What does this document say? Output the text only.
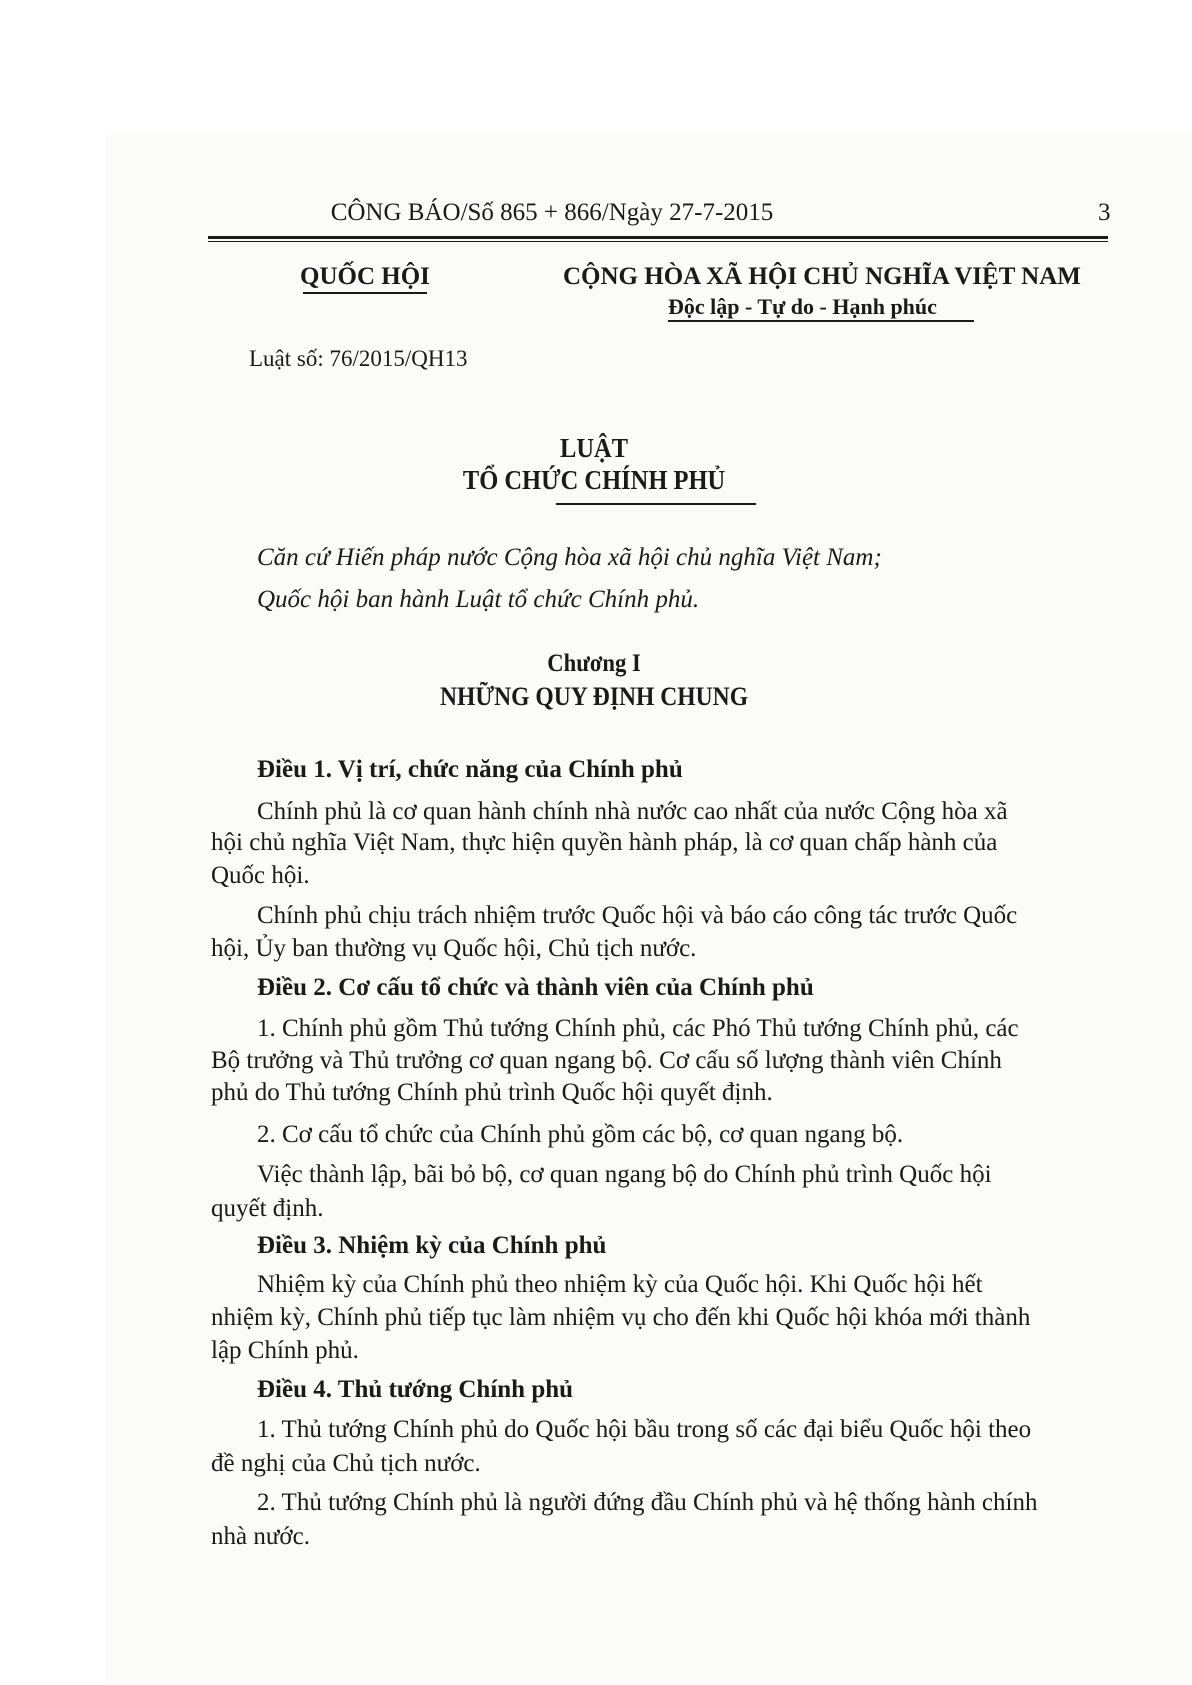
CÔNG BÁO/Số 865 + 866/Ngày 27-7-2015	3
QUỐC HỘI	CỘNG HÒA XÃ HỘI CHỦ NGHĨA VIỆT NAM
Độc lập - Tự do - Hạnh phúc
Luật số: 76/2015/QH13
LUẬT
TỔ CHỨC CHÍNH PHỦ
Căn cứ Hiến pháp nước Cộng hòa xã hội chủ nghĩa Việt Nam;
Quốc hội ban hành Luật tổ chức Chính phủ.
Chương I
NHỮNG QUY ĐỊNH CHUNG
Điều 1. Vị trí, chức năng của Chính phủ
Chính phủ là cơ quan hành chính nhà nước cao nhất của nước Cộng hòa xã
hội chủ nghĩa Việt Nam, thực hiện quyền hành pháp, là cơ quan chấp hành của
Quốc hội.
Chính phủ chịu trách nhiệm trước Quốc hội và báo cáo công tác trước Quốc
hội, Ủy ban thường vụ Quốc hội, Chủ tịch nước.
Điều 2. Cơ cấu tổ chức và thành viên của Chính phủ
1. Chính phủ gồm Thủ tướng Chính phủ, các Phó Thủ tướng Chính phủ, các
Bộ trưởng và Thủ trưởng cơ quan ngang bộ. Cơ cấu số lượng thành viên Chính
phủ do Thủ tướng Chính phủ trình Quốc hội quyết định.
2. Cơ cấu tổ chức của Chính phủ gồm các bộ, cơ quan ngang bộ.
Việc thành lập, bãi bỏ bộ, cơ quan ngang bộ do Chính phủ trình Quốc hội
quyết định.
Điều 3. Nhiệm kỳ của Chính phủ
Nhiệm kỳ của Chính phủ theo nhiệm kỳ của Quốc hội. Khi Quốc hội hết
nhiệm kỳ, Chính phủ tiếp tục làm nhiệm vụ cho đến khi Quốc hội khóa mới thành
lập Chính phủ.
Điều 4. Thủ tướng Chính phủ
1. Thủ tướng Chính phủ do Quốc hội bầu trong số các đại biểu Quốc hội theo
đề nghị của Chủ tịch nước.
2. Thủ tướng Chính phủ là người đứng đầu Chính phủ và hệ thống hành chính
nhà nước.
